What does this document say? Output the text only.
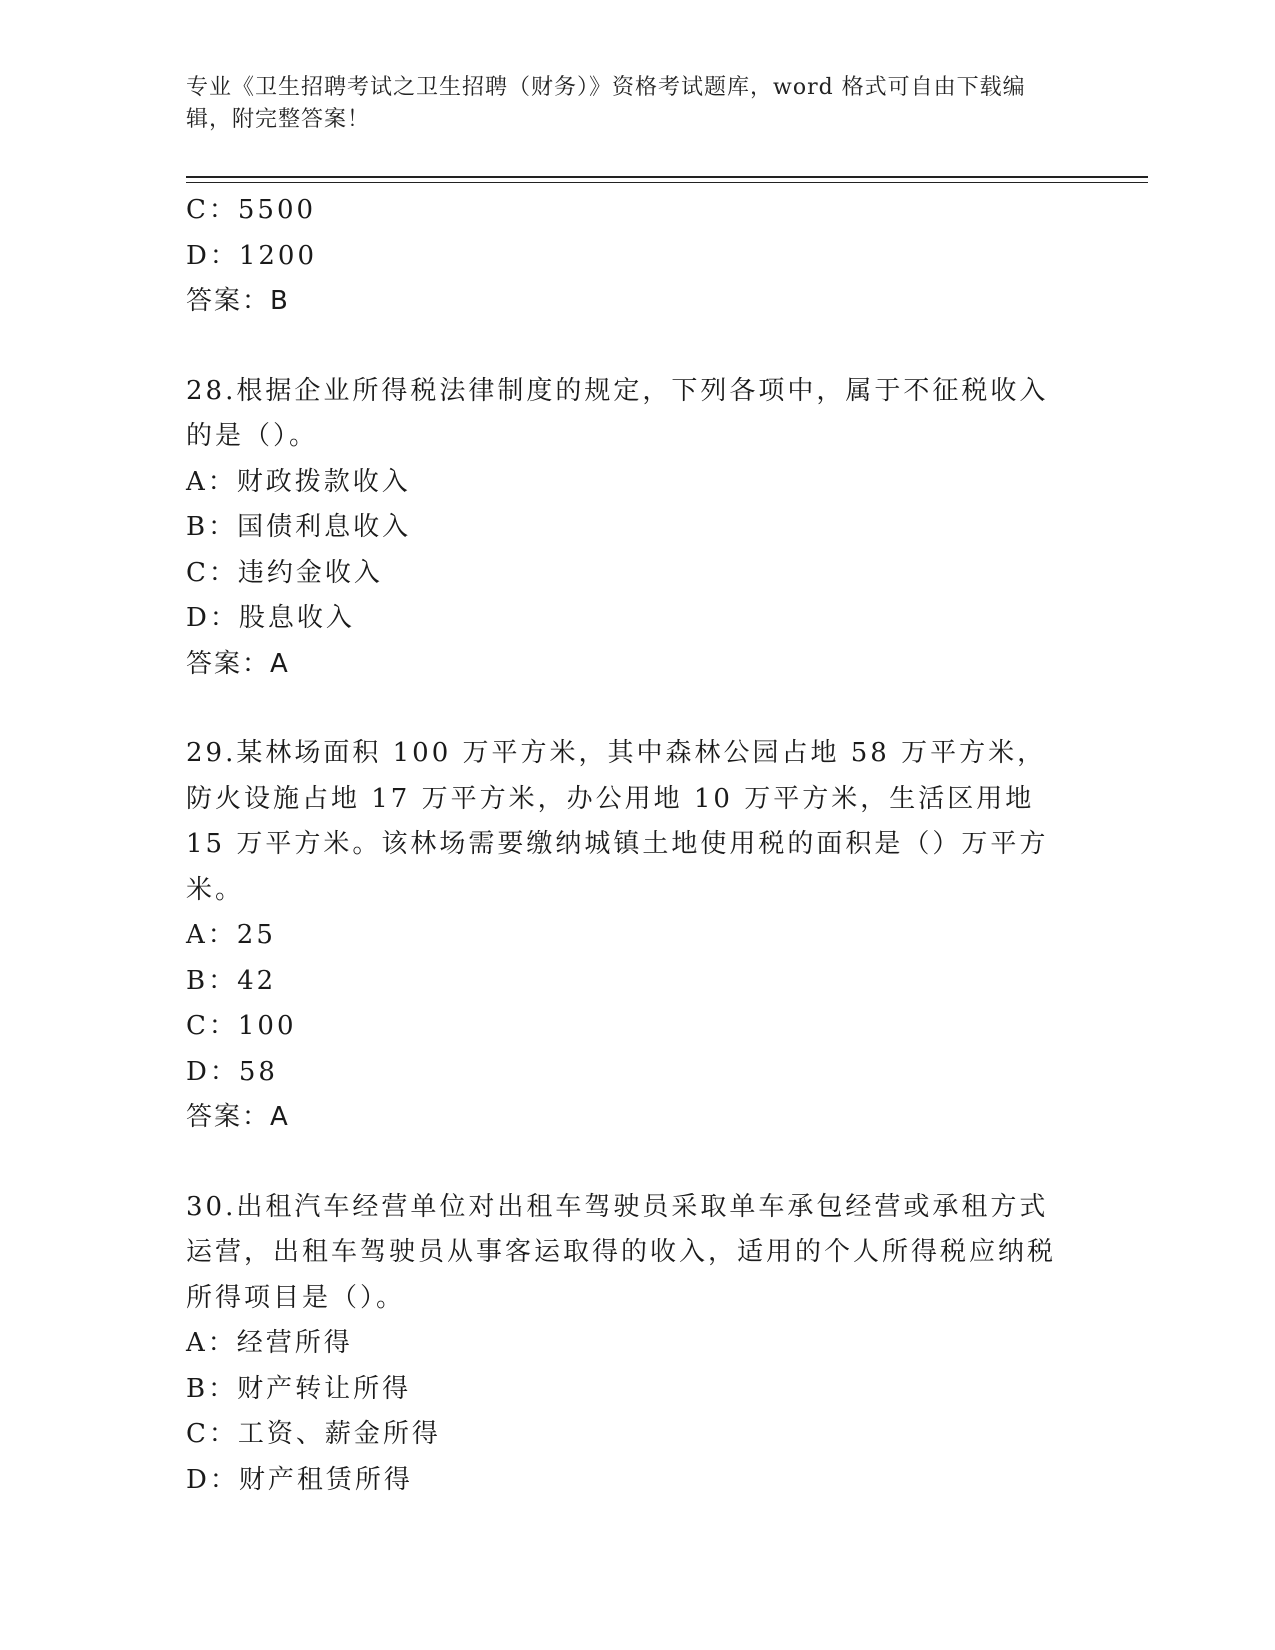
专业《卫生招聘考试之卫生招聘（财务）》资格考试题库，word 格式可自由下载编辑，附完整答案！

C：5500

D：1200

答案：B

28.根据企业所得税法律制度的规定，下列各项中，属于不征税收入的是（）。

A：财政拨款收入

B：国债利息收入

C：违约金收入

D：股息收入

答案：A

29.某林场面积 100 万平方米，其中森林公园占地 58 万平方米，防火设施占地 17 万平方米，办公用地 10 万平方米，生活区用地 15 万平方米。该林场需要缴纳城镇土地使用税的面积是（）万平方米。

A：25

B：42

C：100

D：58

答案：A

30.出租汽车经营单位对出租车驾驶员采取单车承包经营或承租方式运营，出租车驾驶员从事客运取得的收入，适用的个人所得税应纳税所得项目是（）。

A：经营所得

B：财产转让所得

C：工资、薪金所得

D：财产租赁所得
